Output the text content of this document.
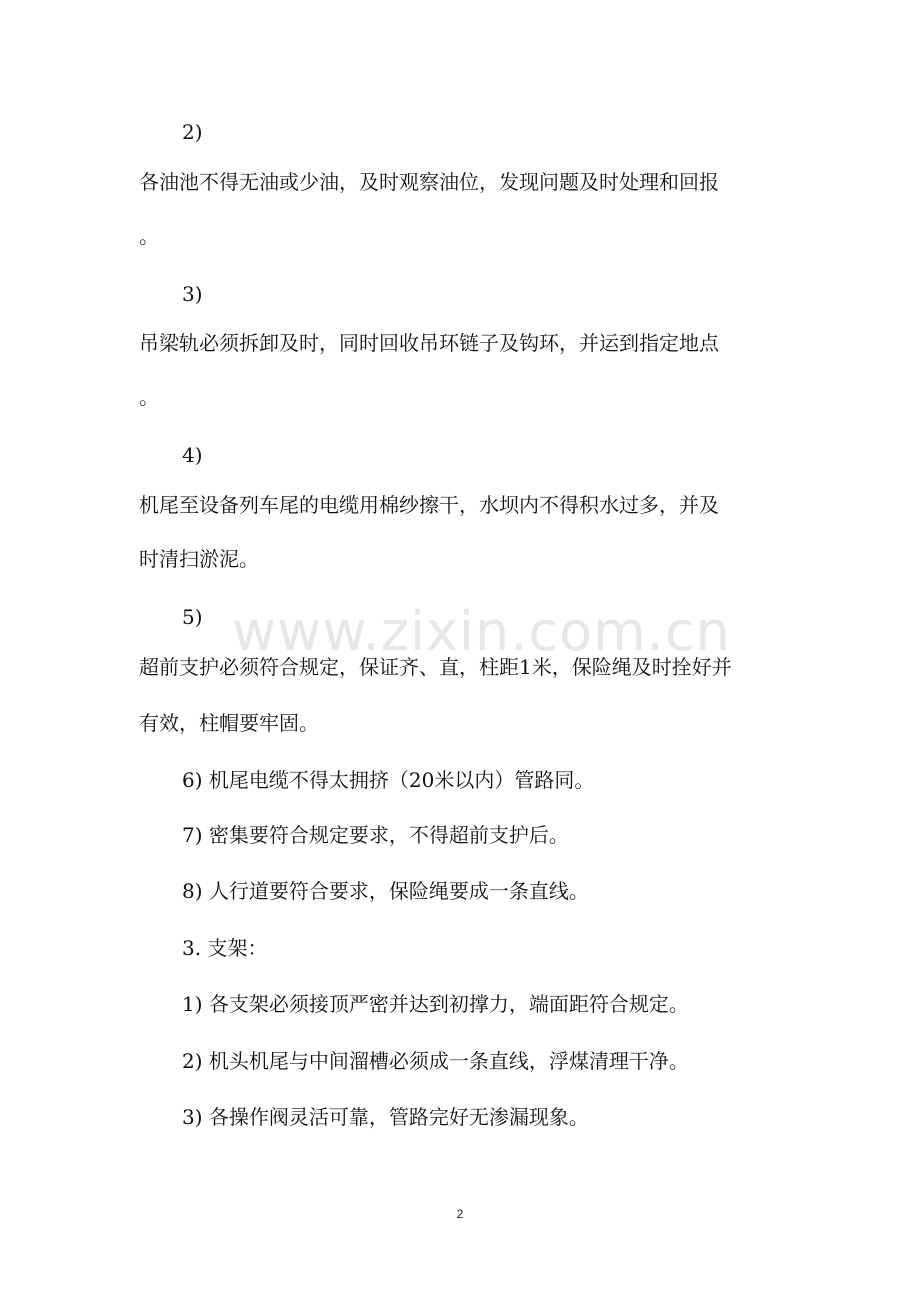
2)
各油池不得无油或少油，及时观察油位，发现问题及时处理和回报
。
3)
吊梁轨必须拆卸及时，同时回收吊环链子及钩环，并运到指定地点
。
4)
机尾至设备列车尾的电缆用棉纱擦干，水坝内不得积水过多，并及
时清扫淤泥。
5)
超前支护必须符合规定，保证齐、直，柱距1米，保险绳及时拴好并
有效，柱帽要牢固。
6) 机尾电缆不得太拥挤（20米以内）管路同。
7) 密集要符合规定要求，不得超前支护后。
8) 人行道要符合要求，保险绳要成一条直线。
3. 支架：
1) 各支架必须接顶严密并达到初撑力，端面距符合规定。
2) 机头机尾与中间溜槽必须成一条直线，浮煤清理干净。
3) 各操作阀灵活可靠，管路完好无渗漏现象。
www.zixin.com.cn
2
